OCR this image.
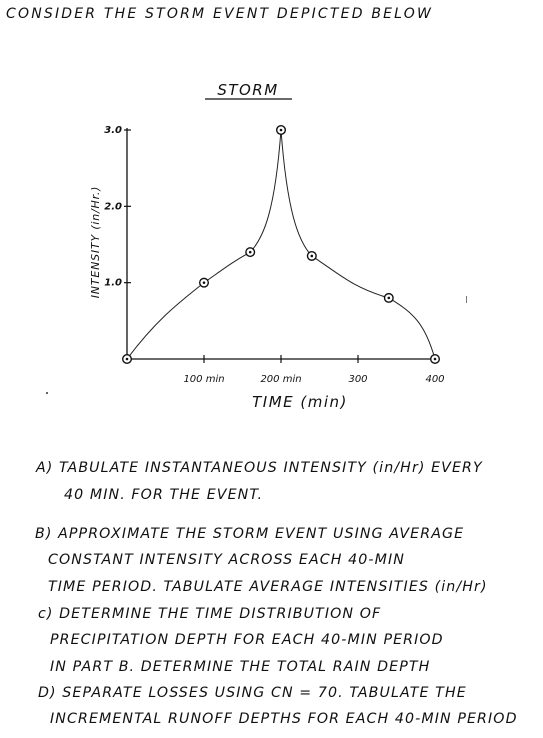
CONSIDER THE STORM EVENT DEPICTED BELOW
STORM
100 min	200 min	300	400
1.0
2.0
3.0
TIME (min)
INTENSITY (in/Hr.)
A) TABULATE INSTANTANEOUS INTENSITY (in/Hr) EVERY
40 MIN. FOR THE EVENT.
B) APPROXIMATE THE STORM EVENT USING AVERAGE
CONSTANT INTENSITY ACROSS EACH 40-MIN
TIME PERIOD. TABULATE AVERAGE INTENSITIES (in/Hr)
c) DETERMINE THE TIME DISTRIBUTION OF
PRECIPITATION DEPTH FOR EACH 40-MIN PERIOD
IN PART B. DETERMINE THE TOTAL RAIN DEPTH
D) SEPARATE LOSSES USING CN = 70. TABULATE THE
INCREMENTAL RUNOFF DEPTHS FOR EACH 40-MIN PERIOD
